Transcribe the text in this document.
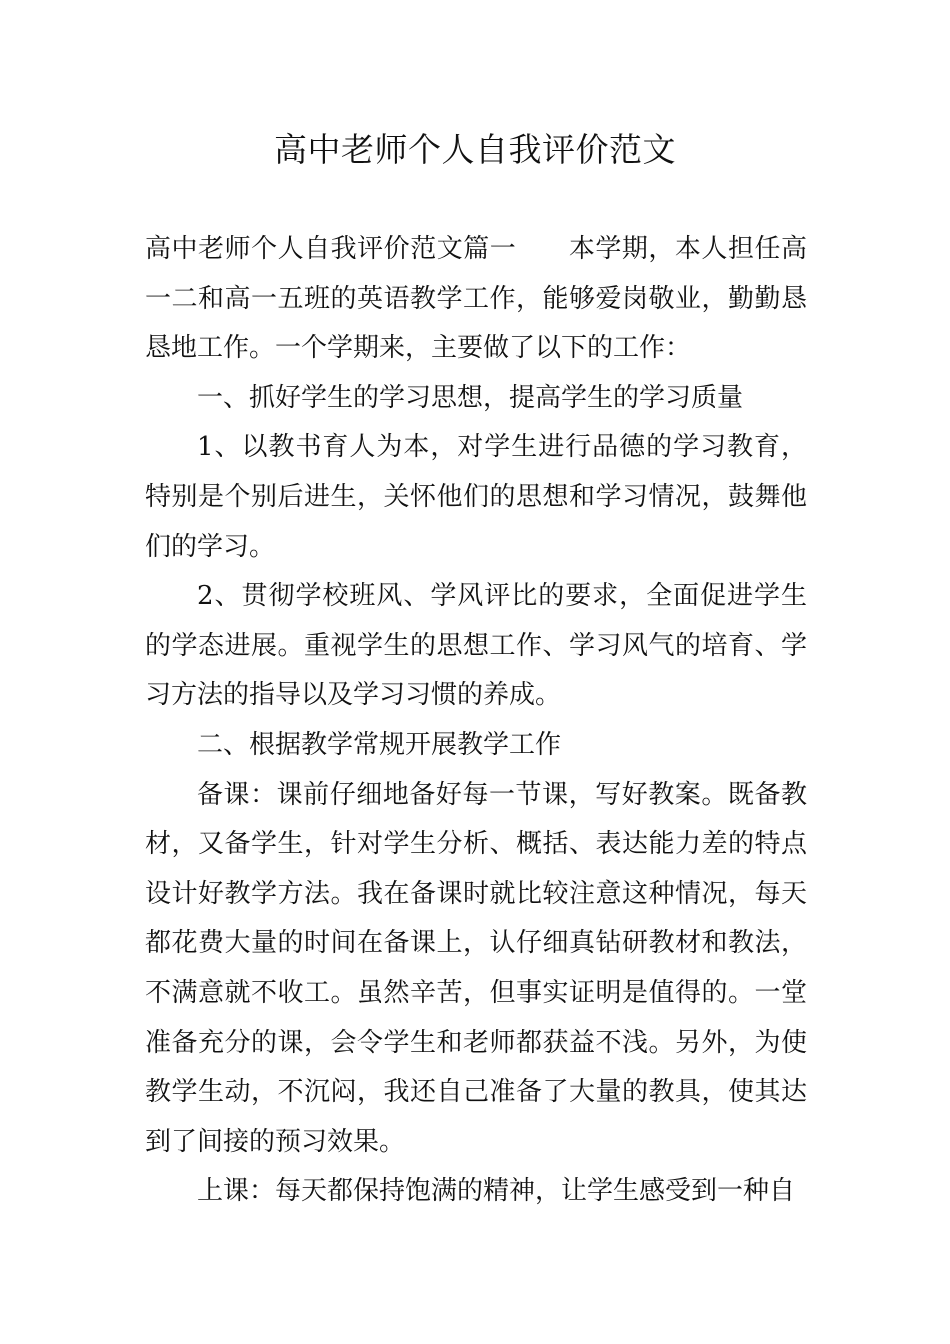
高中老师个人自我评价范文

高中老师个人自我评价范文篇一 本学期，本人担任高一二和高一五班的英语教学工作，能够爱岗敬业，勤勤恳恳地工作。一个学期来，主要做了以下的工作：

一、抓好学生的学习思想，提高学生的学习质量

1、以教书育人为本，对学生进行品德的学习教育，特别是个别后进生，关怀他们的思想和学习情况，鼓舞他们的学习。

2、贯彻学校班风、学风评比的要求，全面促进学生的学态进展。重视学生的思想工作、学习风气的培育、学习方法的指导以及学习习惯的养成。

二、根据教学常规开展教学工作

备课：课前仔细地备好每一节课，写好教案。既备教材，又备学生，针对学生分析、概括、表达能力差的特点设计好教学方法。我在备课时就比较注意这种情况，每天都花费大量的时间在备课上，认仔细真钻研教材和教法，不满意就不收工。虽然辛苦，但事实证明是值得的。一堂准备充分的课，会令学生和老师都获益不浅。另外，为使教学生动，不沉闷，我还自己准备了大量的教具，使其达到了间接的预习效果。

上课：每天都保持饱满的精神，让学生感受到一种自
